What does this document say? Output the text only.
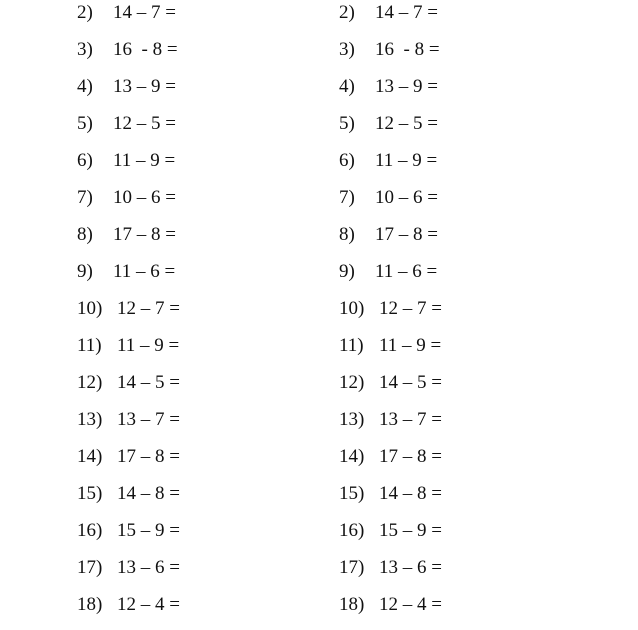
2) 14 – 7 =
3) 16  - 8 =
4) 13 – 9 =
5) 12 – 5 =
6) 11 – 9 =
7) 10 – 6 =
8) 17 – 8 =
9) 11 – 6 =
10) 12 – 7 =
11) 11 – 9 =
12) 14 – 5 =
13) 13 – 7 =
14) 17 – 8 =
15) 14 – 8 =
16) 15 – 9 =
17) 13 – 6 =
18) 12 – 4 =
2) 14 – 7 =
3) 16  - 8 =
4) 13 – 9 =
5) 12 – 5 =
6) 11 – 9 =
7) 10 – 6 =
8) 17 – 8 =
9) 11 – 6 =
10) 12 – 7 =
11) 11 – 9 =
12) 14 – 5 =
13) 13 – 7 =
14) 17 – 8 =
15) 14 – 8 =
16) 15 – 9 =
17) 13 – 6 =
18) 12 – 4 =
